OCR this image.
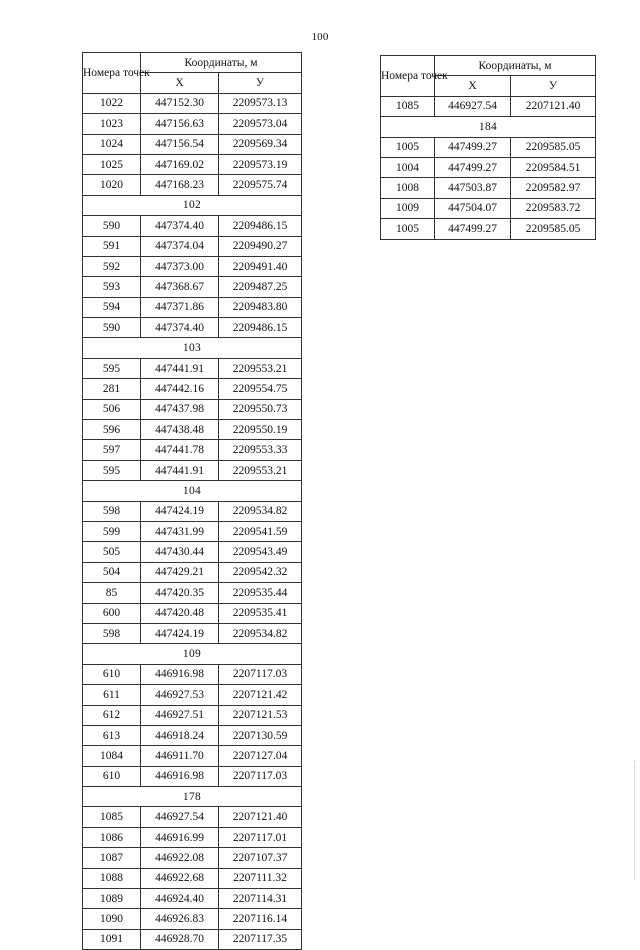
100
Номера точек	Координаты, м	
	X	У
1022	447152.30	2209573.13
1023	447156.63	2209573.04
1024	447156.54	2209569.34
1025	447169.02	2209573.19
1020	447168.23	2209575.74
102		
590	447374.40	2209486.15
591	447374.04	2209490.27
592	447373.00	2209491.40
593	447368.67	2209487.25
594	447371.86	2209483.80
590	447374.40	2209486.15
103		
595	447441.91	2209553.21
281	447442.16	2209554.75
506	447437.98	2209550.73
596	447438.48	2209550.19
597	447441.78	2209553.33
595	447441.91	2209553.21
104		
598	447424.19	2209534.82
599	447431.99	2209541.59
505	447430.44	2209543.49
504	447429.21	2209542.32
85	447420.35	2209535.44
600	447420.48	2209535.41
598	447424.19	2209534.82
109		
610	446916.98	2207117.03
611	446927.53	2207121.42
612	446927.51	2207121.53
613	446918.24	2207130.59
1084	446911.70	2207127.04
610	446916.98	2207117.03
178		
1085	446927.54	2207121.40
1086	446916.99	2207117.01
1087	446922.08	2207107.37
1088	446922.68	2207111.32
1089	446924.40	2207114.31
1090	446926.83	2207116.14
1091	446928.70	2207117.35
Номера точек	Координаты, м	
	X	У
1085	446927.54	2207121.40
184		
1005	447499.27	2209585.05
1004	447499.27	2209584.51
1008	447503.87	2209582.97
1009	447504.07	2209583.72
1005	447499.27	2209585.05
